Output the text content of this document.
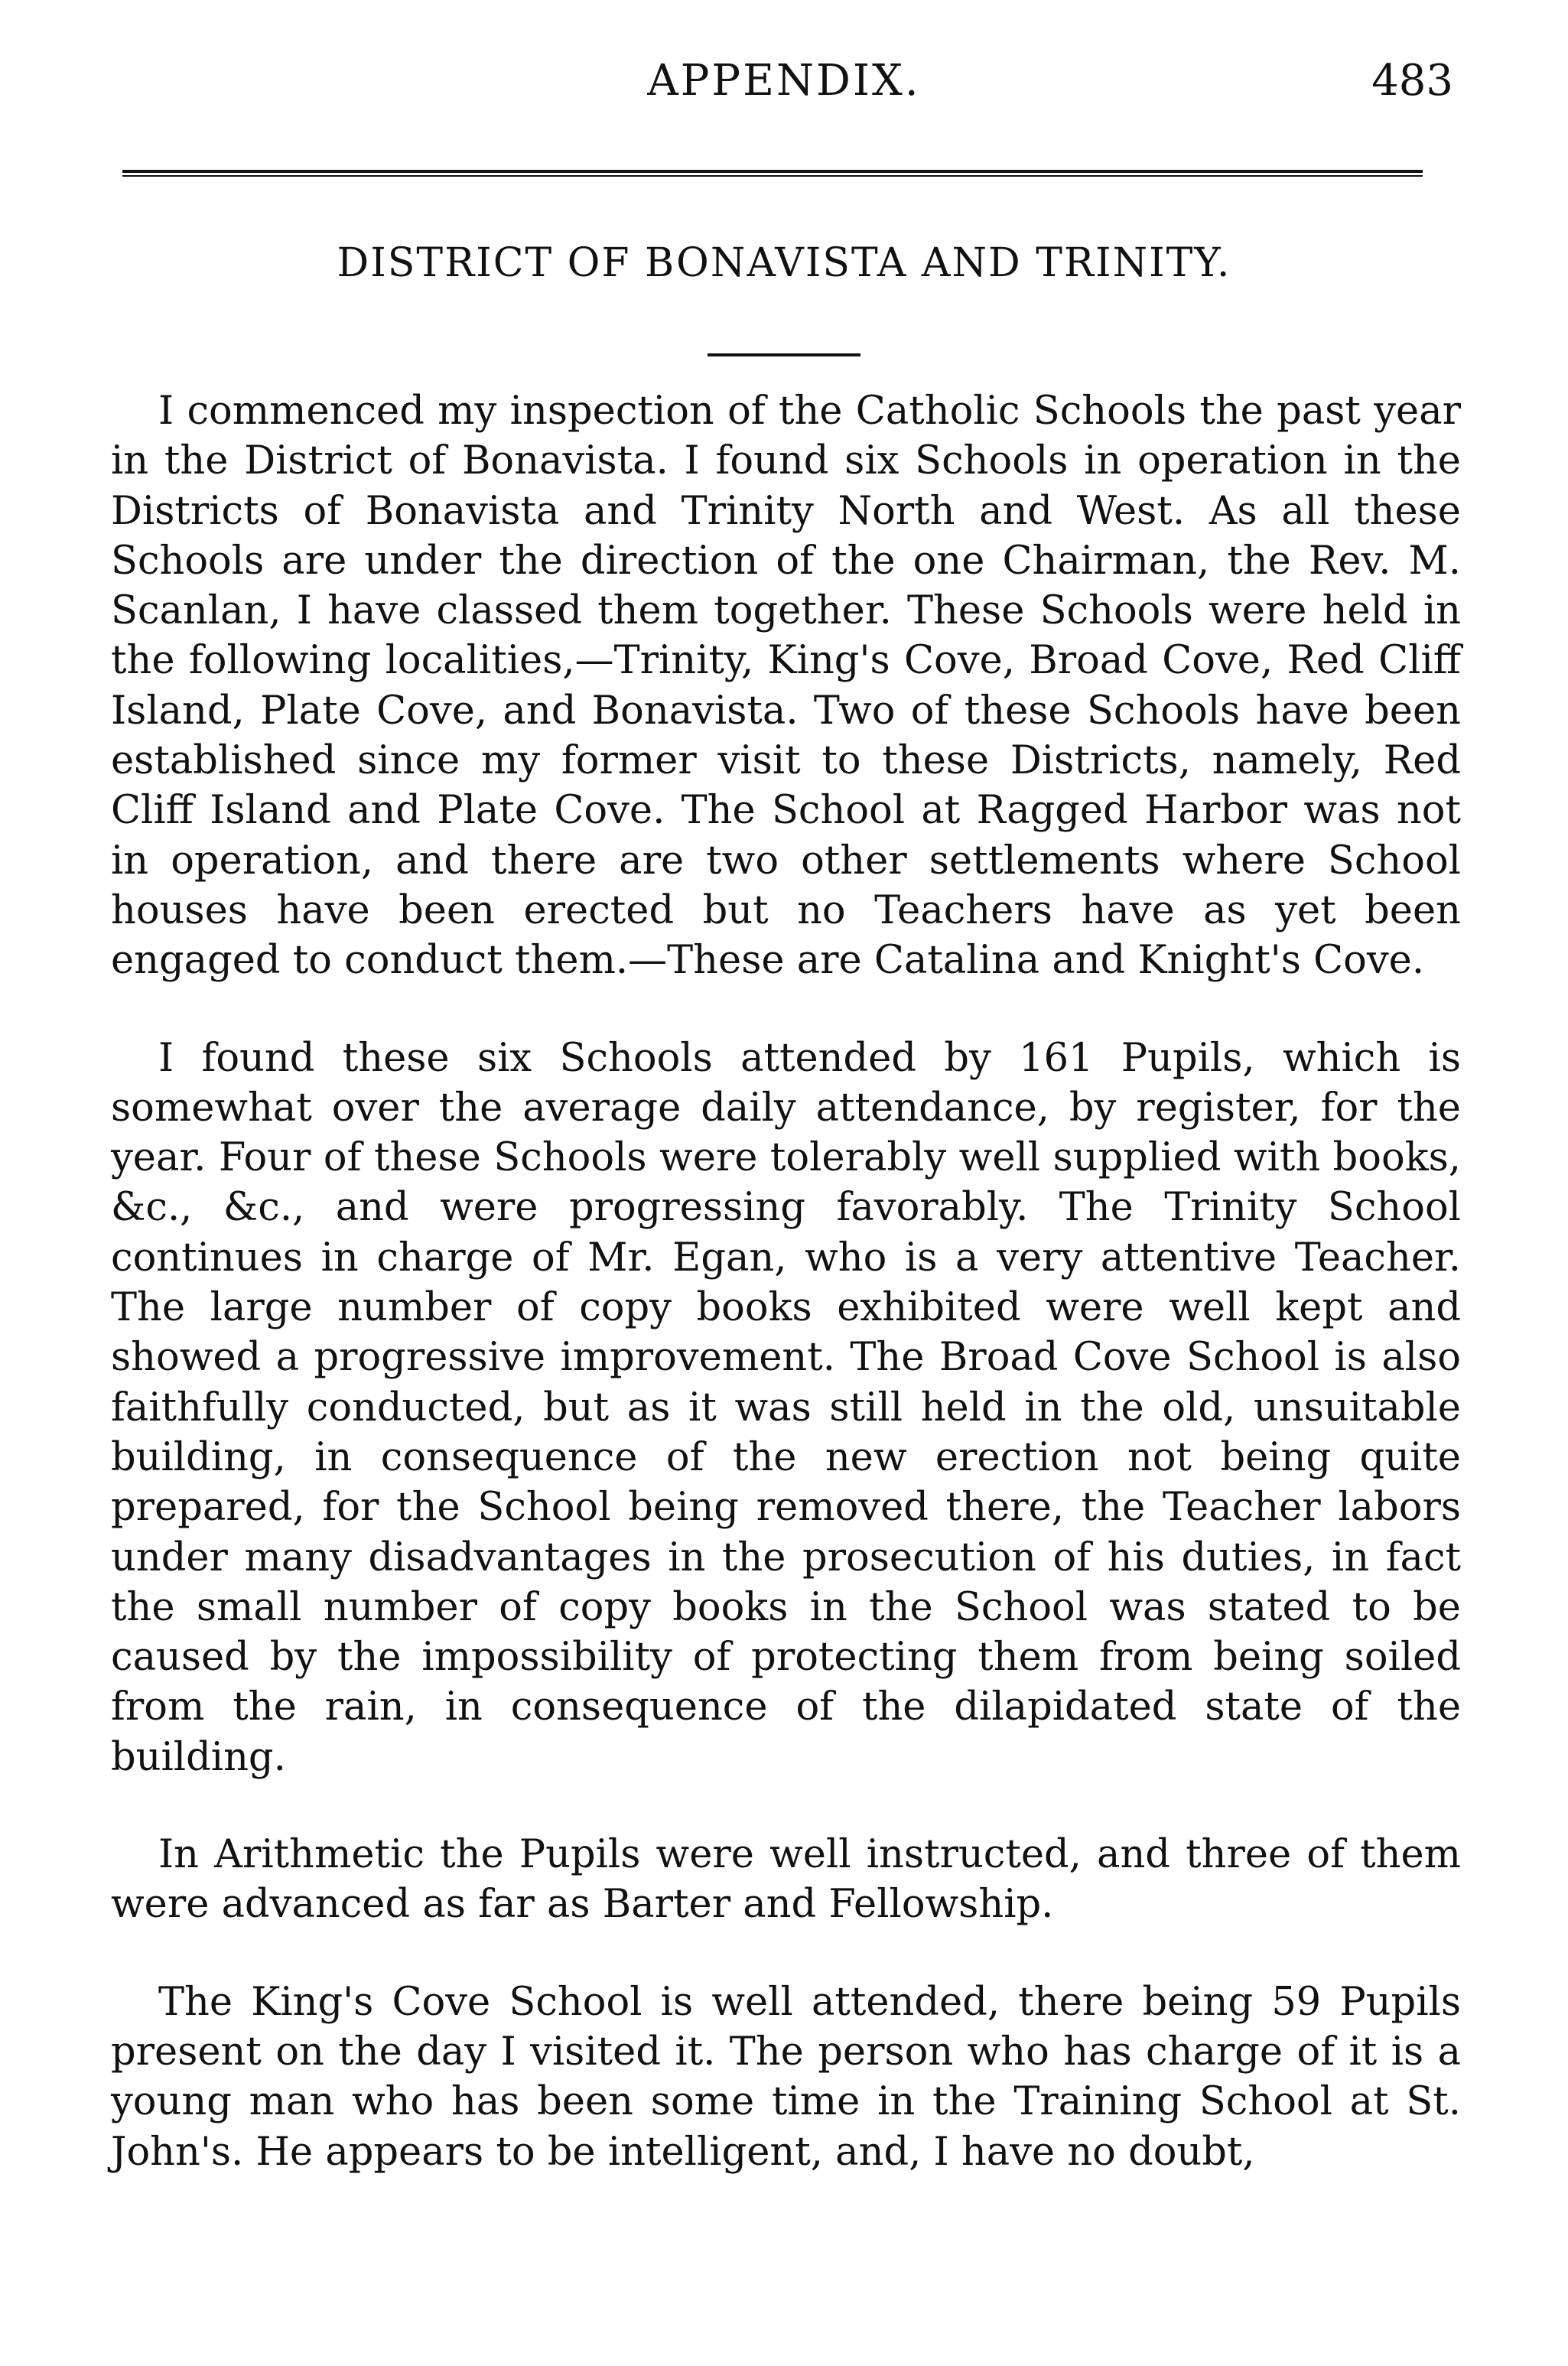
APPENDIX.	483
DISTRICT OF BONAVISTA AND TRINITY.

I commenced my inspection of the Catholic Schools the past year in the District of Bonavista. I found six Schools in operation in the Districts of Bonavista and Trinity North and West. As all these Schools are under the direction of the one Chairman, the Rev. M. Scanlan, I have classed them together. These Schools were held in the following localities,—Trinity, King's Cove, Broad Cove, Red Cliff Island, Plate Cove, and Bonavista. Two of these Schools have been established since my former visit to these Districts, namely, Red Cliff Island and Plate Cove. The School at Ragged Harbor was not in operation, and there are two other settlements where School houses have been erected but no Teachers have as yet been engaged to conduct them.—These are Catalina and Knight's Cove.

I found these six Schools attended by 161 Pupils, which is somewhat over the average daily attendance, by register, for the year. Four of these Schools were tolerably well supplied with books, &c., &c., and were progressing favorably. The Trinity School continues in charge of Mr. Egan, who is a very attentive Teacher. The large number of copy books exhibited were well kept and showed a progressive improvement. The Broad Cove School is also faithfully conducted, but as it was still held in the old, unsuitable building, in consequence of the new erection not being quite prepared, for the School being removed there, the Teacher labors under many disadvantages in the prosecution of his duties, in fact the small number of copy books in the School was stated to be caused by the impossibility of protecting them from being soiled from the rain, in consequence of the dilapidated state of the building.

In Arithmetic the Pupils were well instructed, and three of them were advanced as far as Barter and Fellowship.

The King's Cove School is well attended, there being 59 Pupils present on the day I visited it. The person who has charge of it is a young man who has been some time in the Training School at St. John's. He appears to be intelligent, and, I have no doubt,
